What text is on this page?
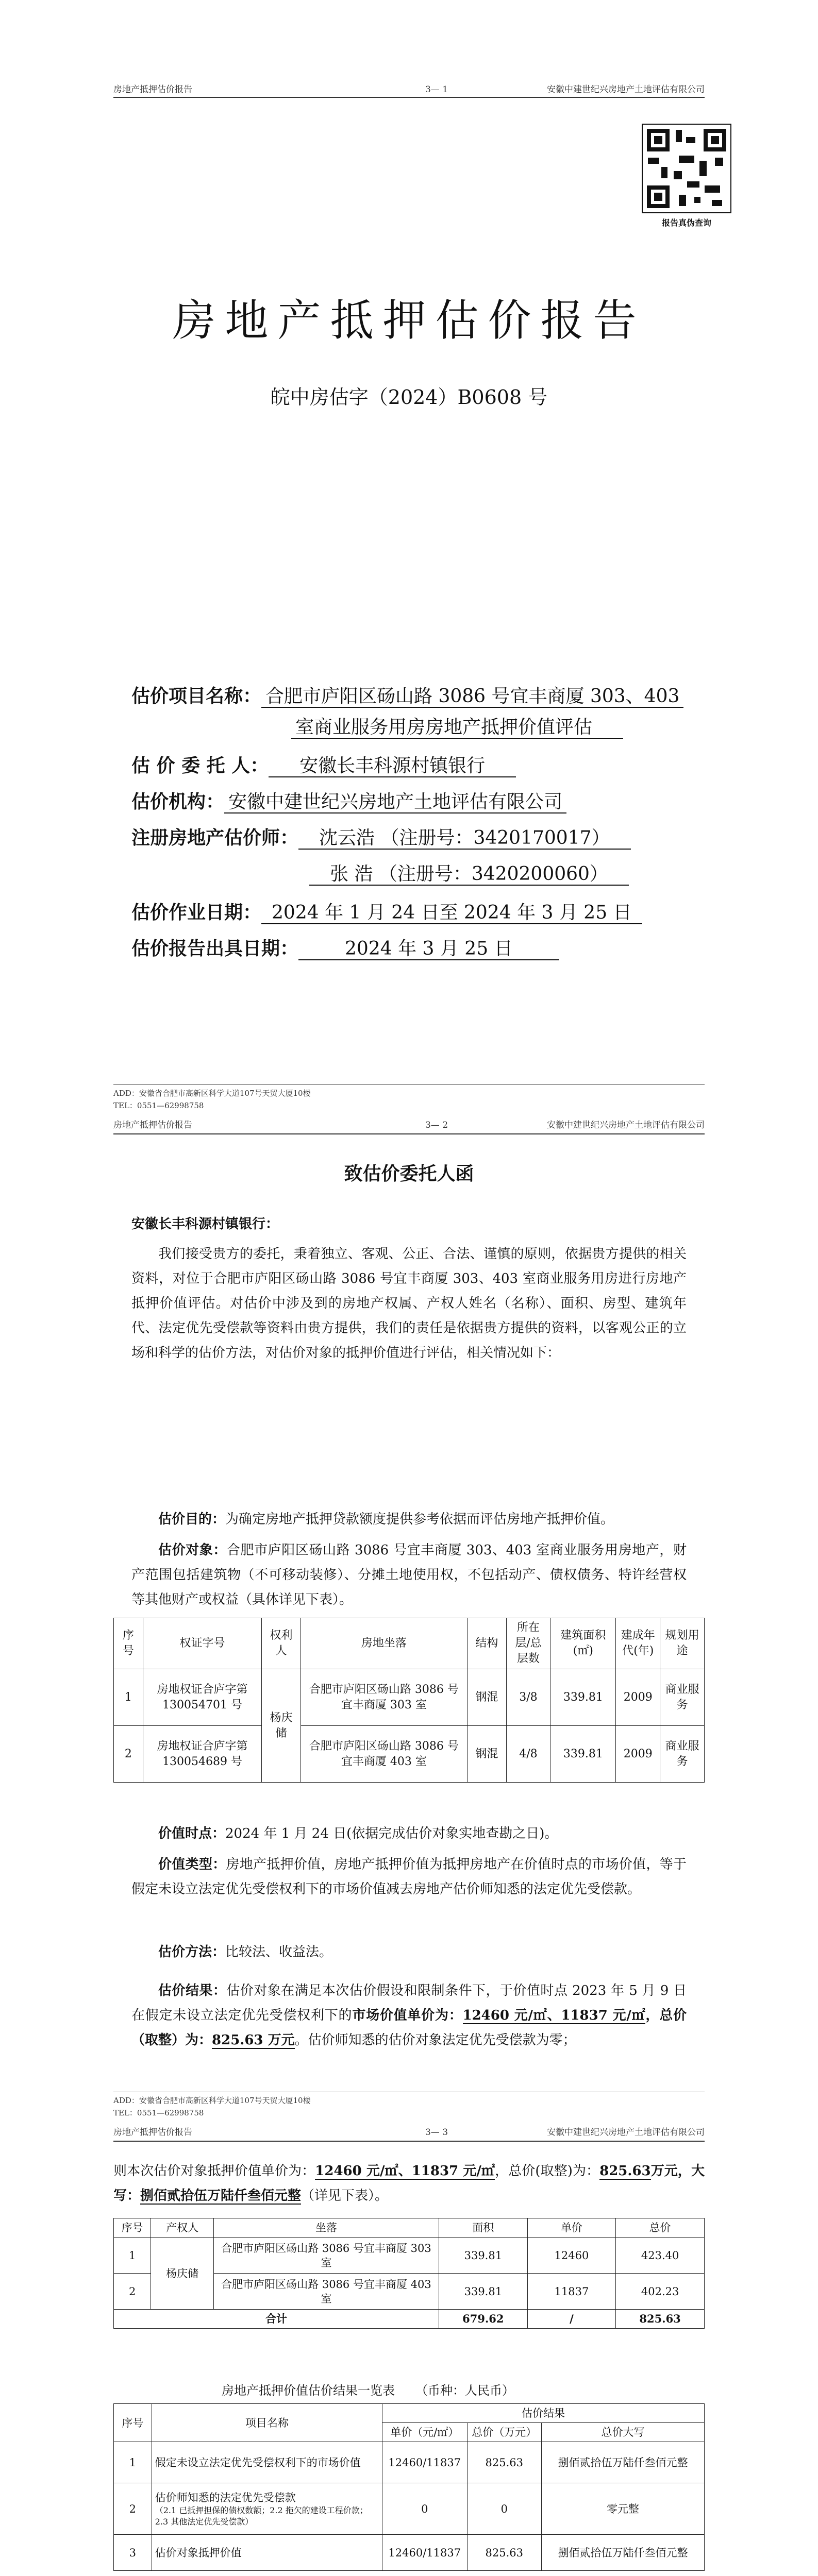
房地产抵押估价报告	3— 1	安徽中建世纪兴房地产土地评估有限公司
报告真伪查询
房地产抵押估价报告
皖中房估字（2024）B0608 号
估价项目名称： 合肥市庐阳区砀山路 3086 号宜丰商厦 303、403
室商业服务用房房地产抵押价值评估
估 价 委 托 人： 安徽长丰科源村镇银行
估价机构： 安徽中建世纪兴房地产土地评估有限公司
注册房地产估价师： 沈云浩 （注册号：3420170017）
张 浩 （注册号：3420200060）
估价作业日期： 2024 年 1 月 24 日至 2024 年 3 月 25 日
估价报告出具日期：	2024 年 3 月 25 日
ADD：安徽省合肥市高新区科学大道107号天贸大厦10楼
TEL：0551—62998758
房地产抵押估价报告	3— 2	安徽中建世纪兴房地产土地评估有限公司
致估价委托人函
安徽长丰科源村镇银行：
我们接受贵方的委托，秉着独立、客观、公正、合法、谨慎的原则，依据贵方提供的相关资料，对位于合肥市庐阳区砀山路 3086 号宜丰商厦 303、403 室商业服务用房进行房地产抵押价值评估。对估价中涉及到的房地产权属、产权人姓名（名称）、面积、房型、建筑年代、法定优先受偿款等资料由贵方提供，我们的责任是依据贵方提供的资料，以客观公正的立场和科学的估价方法，对估价对象的抵押价值进行评估，相关情况如下：
估价目的：为确定房地产抵押贷款额度提供参考依据而评估房地产抵押价值。
估价对象：合肥市庐阳区砀山路 3086 号宜丰商厦 303、403 室商业服务用房地产，财产范围包括建筑物（不可移动装修）、分摊土地使用权，不包括动产、债权债务、特许经营权等其他财产或权益（具体详见下表）。
序号	权证字号	权利人	房地坐落	结构	所在层/总层数	建筑面积(㎡)	建成年代(年)	规划用途
1	房地权证合庐字第 130054701 号	杨庆储	合肥市庐阳区砀山路 3086 号宜丰商厦 303 室	钢混	3/8	339.81	2009	商业服务
2	房地权证合庐字第 130054689 号		合肥市庐阳区砀山路 3086 号宜丰商厦 403 室	钢混	4/8	339.81	2009	商业服务
价值时点：2024 年 1 月 24 日(依据完成估价对象实地查勘之日)。
价值类型：房地产抵押价值，房地产抵押价值为抵押房地产在价值时点的市场价值，等于假定未设立法定优先受偿权利下的市场价值减去房地产估价师知悉的法定优先受偿款。
估价方法：比较法、收益法。
估价结果：估价对象在满足本次估价假设和限制条件下，于价值时点 2023 年 5 月 9 日在假定未设立法定优先受偿权利下的市场价值单价为：12460 元/㎡、11837 元/㎡，总价（取整）为：825.63 万元。估价师知悉的估价对象法定优先受偿款为零；
ADD：安徽省合肥市高新区科学大道107号天贸大厦10楼
TEL：0551—62998758
房地产抵押估价报告	3— 3	安徽中建世纪兴房地产土地评估有限公司
则本次估价对象抵押价值单价为：12460 元/㎡、11837 元/㎡，总价(取整)为：825.63万元，大写：捌佰贰拾伍万陆仟叁佰元整（详见下表）。
序号	产权人	坐落	面积	单价	总价
1	杨庆储	合肥市庐阳区砀山路 3086 号宜丰商厦 303 室	339.81	12460	423.40
2		合肥市庐阳区砀山路 3086 号宜丰商厦 403 室	339.81	11837	402.23
合计			679.62	/	825.63
房地产抵押价值估价结果一览表 （币种：人民币）
序号	项目名称	估价结果		
		单价（元/㎡）	总价（万元）	总价大写
1	假定未设立法定优先受偿权利下的市场价值	12460/11837	825.63	捌佰贰拾伍万陆仟叁佰元整
2	估价师知悉的法定优先受偿款
（2.1 已抵押担保的债权数额；2.2 拖欠的建设工程价款；2.3 其他法定优先受偿款）	0	0	零元整
3	估价对象抵押价值	12460/11837	825.63	捌佰贰拾伍万陆仟叁佰元整
